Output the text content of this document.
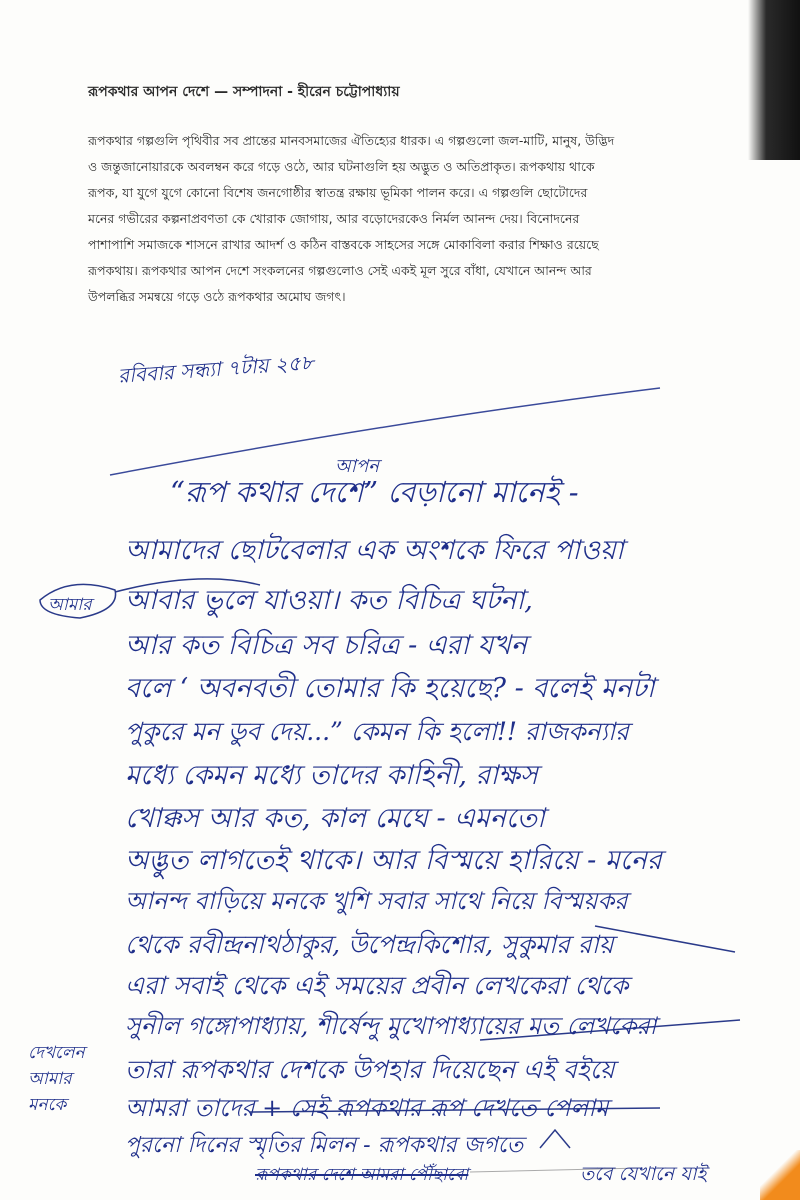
রূপকথার আপন দেশে — সম্পাদনা - হীরেন চট্টোপাধ্যায়

রূপকথার গল্পগুলি পৃথিবীর সব প্রান্তের মানবসমাজের ঐতিহ্যের ধারক। এ গল্পগুলো জল-মাটি, মানুষ, উদ্ভিদ

ও জন্তুজানোয়ারকে অবলম্বন করে গড়ে ওঠে, আর ঘটনাগুলি হয় অদ্ভুত ও অতিপ্রাকৃত। রূপকথায় থাকে

রূপক, যা যুগে যুগে কোনো বিশেষ জনগোষ্ঠীর স্বাতন্ত্র রক্ষায় ভূমিকা পালন করে। এ গল্পগুলি ছোটোদের

মনের গভীরের কল্পনাপ্রবণতা কে খোরাক জোগায়, আর বড়োদেরকেও নির্মল আনন্দ দেয়। বিনোদনের

পাশাপাশি সমাজকে শাসনে রাখার আদর্শ ও কঠিন বাস্তবকে সাহসের সঙ্গে মোকাবিলা করার শিক্ষাও রয়েছে

রূপকথায়। রূপকথার আপন দেশে সংকলনের গল্পগুলোও সেই একই মূল সুরে বাঁধা, যেখানে আনন্দ আর

উপলব্ধির সমন্বয়ে গড়ে ওঠে রূপকথার অমোঘ জগৎ।

রবিবার সন্ধ্যা ৭টায় ২৫৮
আপন
“রূপ কথার দেশে” বেড়ানো মানেই -
আমাদের ছোটবেলার এক অংশকে ফিরে পাওয়া
আবার ভুলে যাওয়া। কত বিচিত্র ঘটনা,
আর কত বিচিত্র সব চরিত্র - এরা যখন
বলে ‘ অবনবতী তোমার কি হয়েছে? - বলেই মনটা
পুকুরে মন ডুব দেয়...” কেমন কি হলো!! রাজকন্যার
মধ্যে কেমন মধ্যে তাদের কাহিনী, রাক্ষস
খোক্কস আর কত, কাল মেঘে - এমনতো
অদ্ভুত লাগতেই থাকে। আর বিস্ময়ে হারিয়ে - মনের
আনন্দ বাড়িয়ে মনকে খুশি সবার সাথে নিয়ে বিস্ময়কর
থেকে রবীন্দ্রনাথঠাকুর, উপেন্দ্রকিশোর, সুকুমার রায়
এরা সবাই থেকে এই সময়ের প্রবীন লেখকেরা থেকে
সুনীল গঙ্গোপাধ্যায়, শীর্ষেন্দু মুখোপাধ্যায়ের মত লেখকেরা
তারা রূপকথার দেশকে উপহার দিয়েছেন এই বইয়ে
আমরা তাদের + সেই রূপকথার রূপ দেখতে পেলাম
পুরনো দিনের স্মৃতির মিলন - রূপকথার জগতে
রূপকথার দেশে আমরা পৌঁছাবো	তবে যেখানে যাই
আমার
দেখলেন আমার মনকে
